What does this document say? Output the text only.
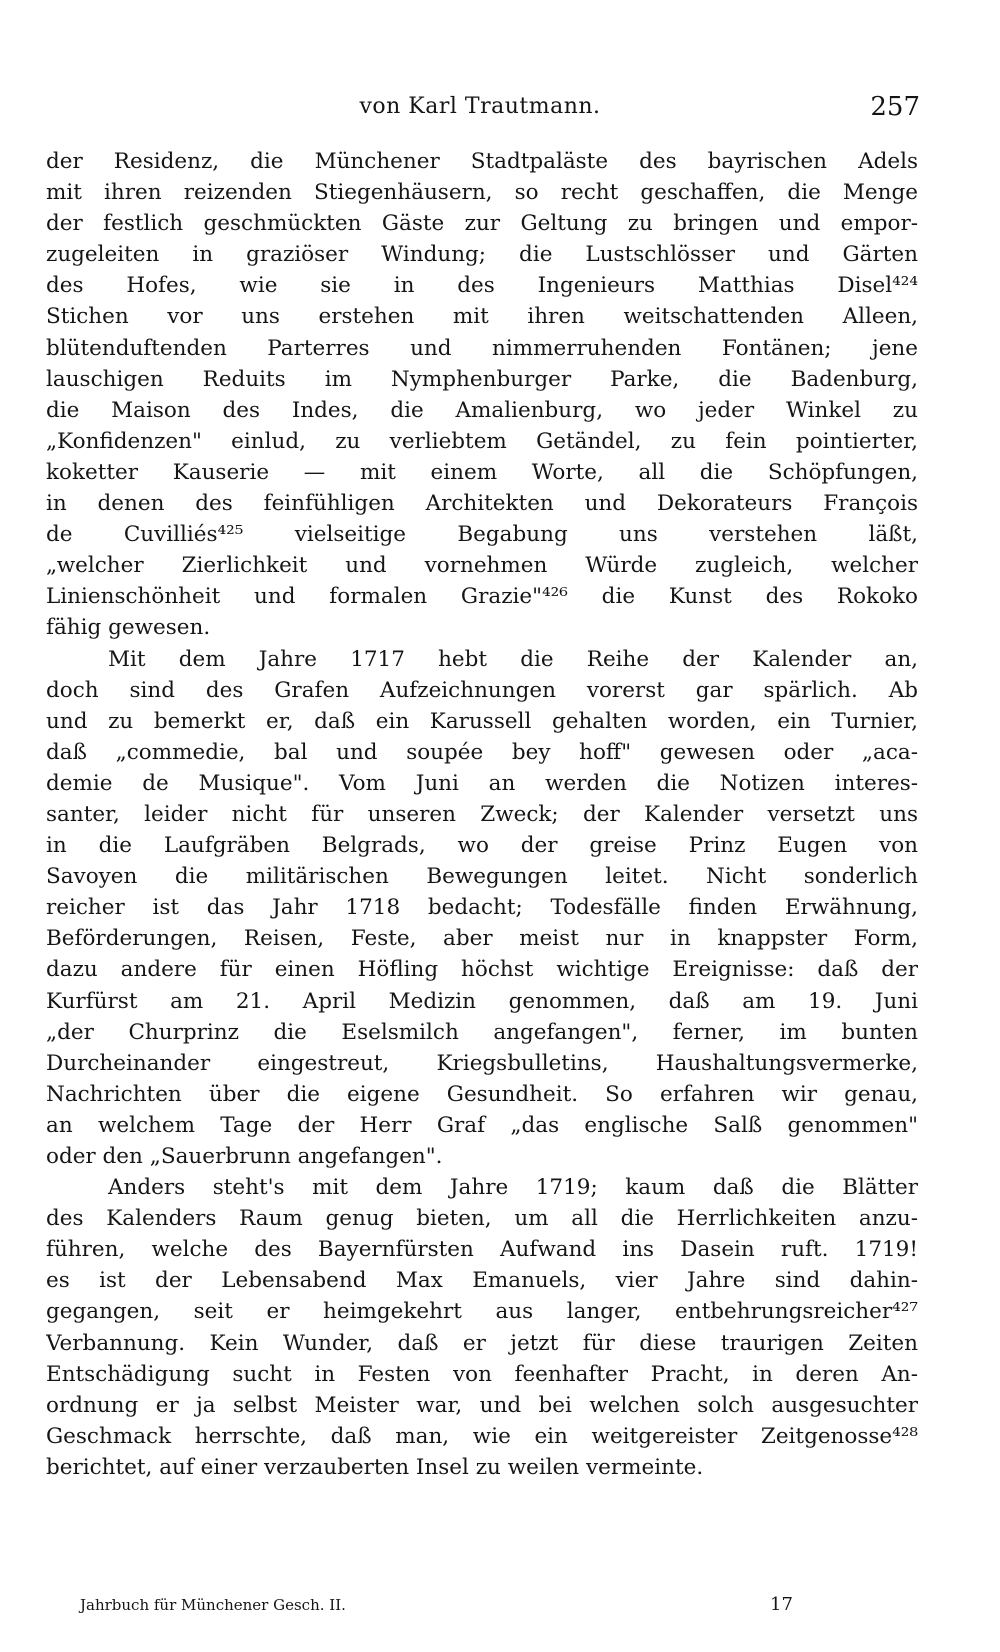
von Karl Trautmann.	257
der Residenz, die Münchener Stadtpaläste des bayrischen Adels
mit ihren reizenden Stiegenhäusern, so recht geschaffen, die Menge
der festlich geschmückten Gäste zur Geltung zu bringen und empor-
zugeleiten in graziöser Windung; die Lustschlösser und Gärten
des Hofes, wie sie in des Ingenieurs Matthias Disel⁴²⁴
Stichen vor uns erstehen mit ihren weitschattenden Alleen,
blütenduftenden Parterres und nimmerruhenden Fontänen; jene
lauschigen Reduits im Nymphenburger Parke, die Badenburg,
die Maison des Indes, die Amalienburg, wo jeder Winkel zu
„Konfidenzen" einlud, zu verliebtem Getändel, zu fein pointierter,
koketter Kauserie — mit einem Worte, all die Schöpfungen,
in denen des feinfühligen Architekten und Dekorateurs François
de Cuvilliés⁴²⁵ vielseitige Begabung uns verstehen läßt,
„welcher Zierlichkeit und vornehmen Würde zugleich, welcher
Linienschönheit und formalen Grazie"⁴²⁶ die Kunst des Rokoko
fähig gewesen.
Mit dem Jahre 1717 hebt die Reihe der Kalender an,
doch sind des Grafen Aufzeichnungen vorerst gar spärlich. Ab
und zu bemerkt er, daß ein Karussell gehalten worden, ein Turnier,
daß „commedie, bal und soupée bey hoff" gewesen oder „aca-
demie de Musique". Vom Juni an werden die Notizen interes-
santer, leider nicht für unseren Zweck; der Kalender versetzt uns
in die Laufgräben Belgrads, wo der greise Prinz Eugen von
Savoyen die militärischen Bewegungen leitet. Nicht sonderlich
reicher ist das Jahr 1718 bedacht; Todesfälle finden Erwähnung,
Beförderungen, Reisen, Feste, aber meist nur in knappster Form,
dazu andere für einen Höfling höchst wichtige Ereignisse: daß der
Kurfürst am 21. April Medizin genommen, daß am 19. Juni
„der Churprinz die Eselsmilch angefangen", ferner, im bunten
Durcheinander eingestreut, Kriegsbulletins, Haushaltungsvermerke,
Nachrichten über die eigene Gesundheit. So erfahren wir genau,
an welchem Tage der Herr Graf „das englische Salß genommen"
oder den „Sauerbrunn angefangen".
Anders steht's mit dem Jahre 1719; kaum daß die Blätter
des Kalenders Raum genug bieten, um all die Herrlichkeiten anzu-
führen, welche des Bayernfürsten Aufwand ins Dasein ruft. 1719!
es ist der Lebensabend Max Emanuels, vier Jahre sind dahin-
gegangen, seit er heimgekehrt aus langer, entbehrungsreicher⁴²⁷
Verbannung. Kein Wunder, daß er jetzt für diese traurigen Zeiten
Entschädigung sucht in Festen von feenhafter Pracht, in deren An-
ordnung er ja selbst Meister war, und bei welchen solch ausgesuchter
Geschmack herrschte, daß man, wie ein weitgereister Zeitgenosse⁴²⁸
berichtet, auf einer verzauberten Insel zu weilen vermeinte.
Jahrbuch für Münchener Gesch. II.	17
